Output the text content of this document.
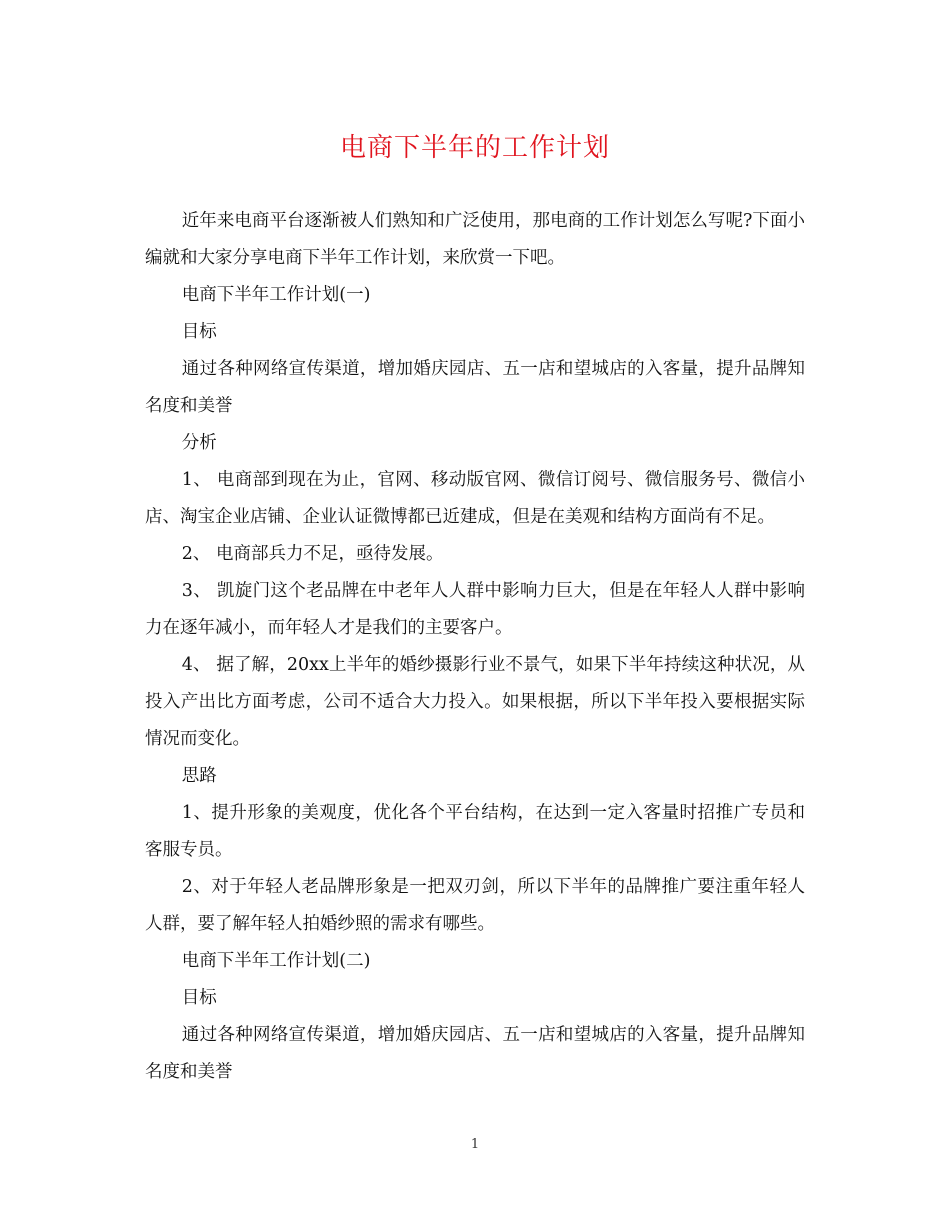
电商下半年的工作计划

近年来电商平台逐渐被人们熟知和广泛使用，那电商的工作计划怎么写呢?下面小编就和大家分享电商下半年工作计划，来欣赏一下吧。

电商下半年工作计划(一)

目标

通过各种网络宣传渠道，增加婚庆园店、五一店和望城店的入客量，提升品牌知名度和美誉

分析

1、 电商部到现在为止，官网、移动版官网、微信订阅号、微信服务号、微信小店、淘宝企业店铺、企业认证微博都已近建成，但是在美观和结构方面尚有不足。

2、 电商部兵力不足，亟待发展。

3、 凯旋门这个老品牌在中老年人人群中影响力巨大，但是在年轻人人群中影响力在逐年减小，而年轻人才是我们的主要客户。

4、 据了解，20xx上半年的婚纱摄影行业不景气，如果下半年持续这种状况，从投入产出比方面考虑，公司不适合大力投入。如果根据，所以下半年投入要根据实际情况而变化。

思路

1、提升形象的美观度，优化各个平台结构，在达到一定入客量时招推广专员和客服专员。

2、对于年轻人老品牌形象是一把双刃剑，所以下半年的品牌推广要注重年轻人人群，要了解年轻人拍婚纱照的需求有哪些。

电商下半年工作计划(二)

目标

通过各种网络宣传渠道，增加婚庆园店、五一店和望城店的入客量，提升品牌知名度和美誉

1
